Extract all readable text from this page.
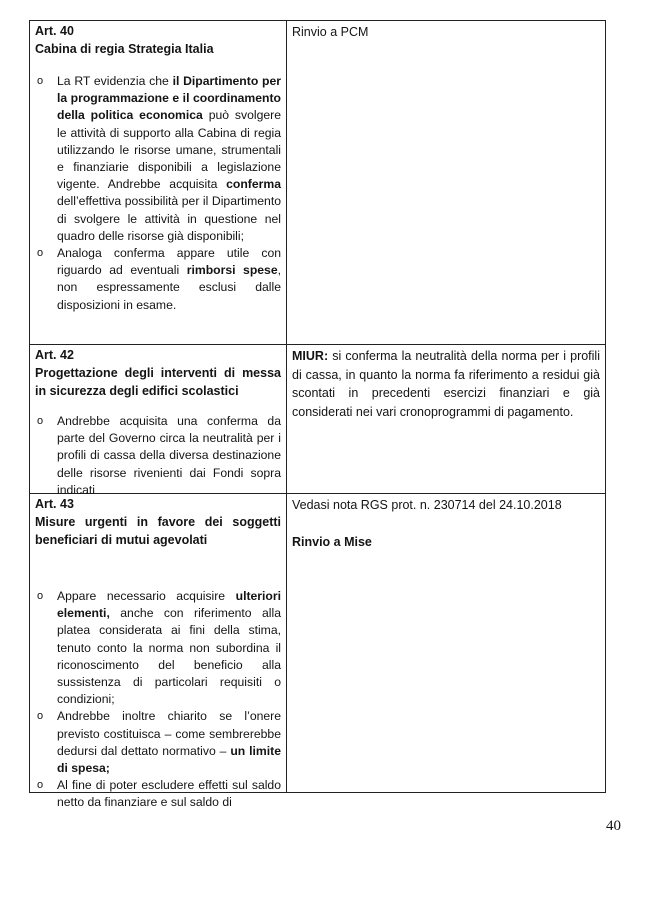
Art. 40
Cabina di regia Strategia Italia
o La RT evidenzia che il Dipartimento per la programmazione e il coordinamento della politica economica può svolgere le attività di supporto alla Cabina di regia utilizzando le risorse umane, strumentali e finanziarie disponibili a legislazione vigente. Andrebbe acquisita conferma dell’effettiva possibilità per il Dipartimento di svolgere le attività in questione nel quadro delle risorse già disponibili;
o Analoga conferma appare utile con riguardo ad eventuali rimborsi spese, non espressamente esclusi dalle disposizioni in esame.
Rinvio a PCM
Art. 42
Progettazione degli interventi di messa in sicurezza degli edifici scolastici
o Andrebbe acquisita una conferma da parte del Governo circa la neutralità per i profili di cassa della diversa destinazione delle risorse rivenienti dai Fondi sopra indicati
MIUR: si conferma la neutralità della norma per i profili di cassa, in quanto la norma fa riferimento a residui già scontati in precedenti esercizi finanziari e già considerati nei vari cronoprogrammi di pagamento.
Art. 43
Misure urgenti in favore dei soggetti beneficiari di mutui agevolati
o Appare necessario acquisire ulteriori elementi, anche con riferimento alla platea considerata ai fini della stima, tenuto conto la norma non subordina il riconoscimento del beneficio alla sussistenza di particolari requisiti o condizioni;
o Andrebbe inoltre chiarito se l’onere previsto costituisca – come sembrerebbe dedursi dal dettato normativo – un limite di spesa;
o Al fine di poter escludere effetti sul saldo netto da finanziare e sul saldo di
Vedasi nota RGS prot. n. 230714 del 24.10.2018
Rinvio a Mise
40
